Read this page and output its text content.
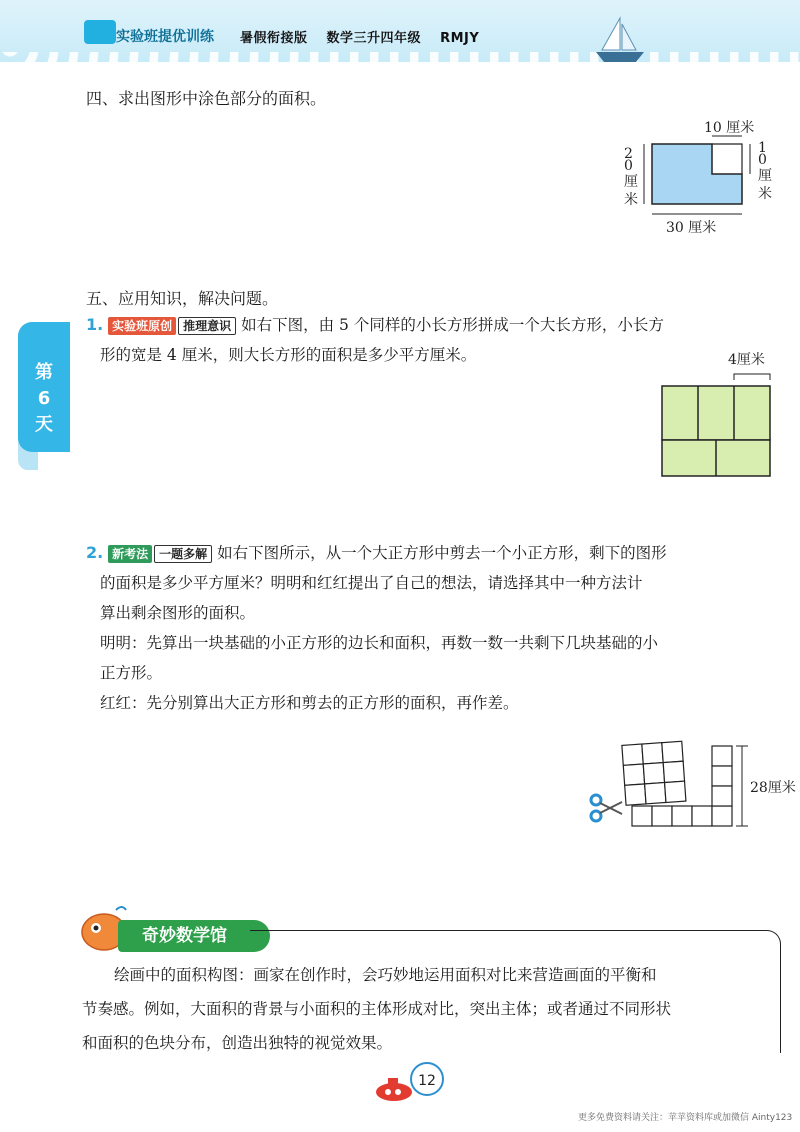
实验班提优训练 暑假衔接版 数学三升四年级 RMJY
第
6
天
四、求出图形中涂色部分的面积。
10 厘米
1
0
厘
米
2
0
厘
米
30 厘米
五、应用知识，解决问题。
1. 实验班原创 推理意识 如右下图，由 5 个同样的小长方形拼成一个大长方形，小长方
形的宽是 4 厘米，则大长方形的面积是多少平方厘米。	4厘米
2. 新考法 一题多解 如右下图所示，从一个大正方形中剪去一个小正方形，剩下的图形
的面积是多少平方厘米？明明和红红提出了自己的想法，请选择其中一种方法计
算出剩余图形的面积。
明明：先算出一块基础的小正方形的边长和面积，再数一数一共剩下几块基础的小
正方形。
红红：先分别算出大正方形和剪去的正方形的面积，再作差。
28厘米
奇妙数学馆
绘画中的面积构图：画家在创作时，会巧妙地运用面积对比来营造画面的平衡和
节奏感。例如，大面积的背景与小面积的主体形成对比，突出主体；或者通过不同形状
和面积的色块分布，创造出独特的视觉效果。
12
更多免费资料请关注：苹苹资料库或加微信 Ainty123
